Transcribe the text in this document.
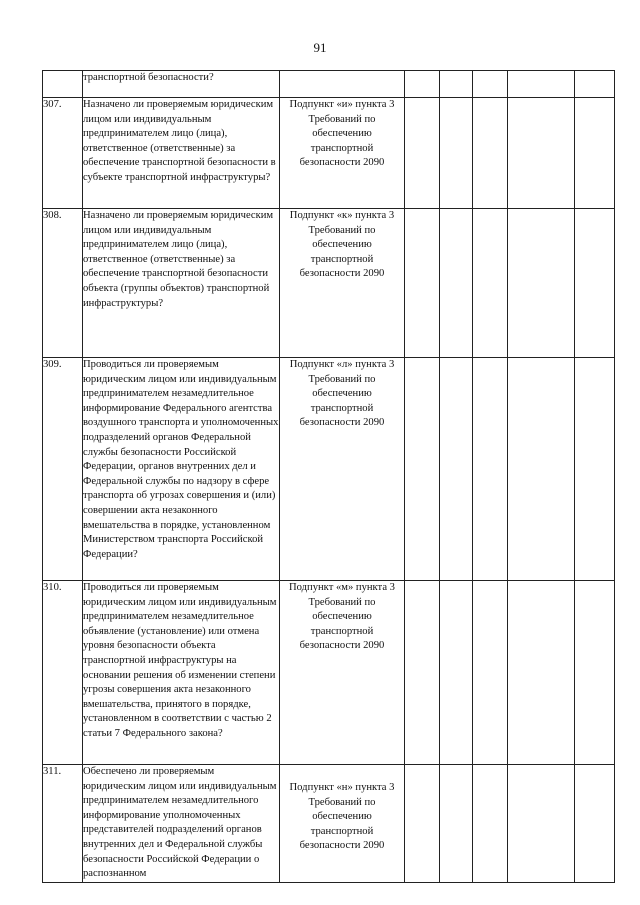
91
	транспортной безопасности?						
307.	Назначено ли проверяемым юридическим лицом или индивидуальным предпринимателем лицо (лица), ответственное (ответственные) за обеспечение транспортной безопасности в субъекте транспортной инфраструктуры?	Подпункт «и» пункта 3 Требований по обеспечению транспортной безопасности 2090					
308.	Назначено ли проверяемым юридическим лицом или индивидуальным предпринимателем лицо (лица), ответственное (ответственные) за обеспечение транспортной безопасности объекта (группы объектов) транспортной инфраструктуры?	Подпункт «к» пункта 3 Требований по обеспечению транспортной безопасности 2090					
309.	Проводиться ли проверяемым юридическим лицом или индивидуальным предпринимателем незамедлительное информирование Федерального агентства воздушного транспорта и уполномоченных подразделений органов Федеральной службы безопасности Российской Федерации, органов внутренних дел и Федеральной службы по надзору в сфере транспорта об угрозах совершения и (или) совершении акта незаконного вмешательства в порядке, установленном Министерством транспорта Российской Федерации?	Подпункт «л» пункта 3 Требований по обеспечению транспортной безопасности 2090					
310.	Проводиться ли проверяемым юридическим лицом или индивидуальным предпринимателем незамедлительное объявление (установление) или отмена уровня безопасности объекта транспортной инфраструктуры на основании решения об изменении степени угрозы совершения акта незаконного вмешательства, принятого в порядке, установленном в соответствии с частью 2 статьи 7 Федерального закона?	Подпункт «м» пункта 3 Требований по обеспечению транспортной безопасности 2090					
311.	Обеспечено ли проверяемым юридическим лицом или индивидуальным предпринимателем незамедлительного информирование уполномоченных представителей подразделений органов внутренних дел и Федеральной службы безопасности Российской Федерации о распознанном	Подпункт «н» пункта 3 Требований по обеспечению транспортной безопасности 2090					
